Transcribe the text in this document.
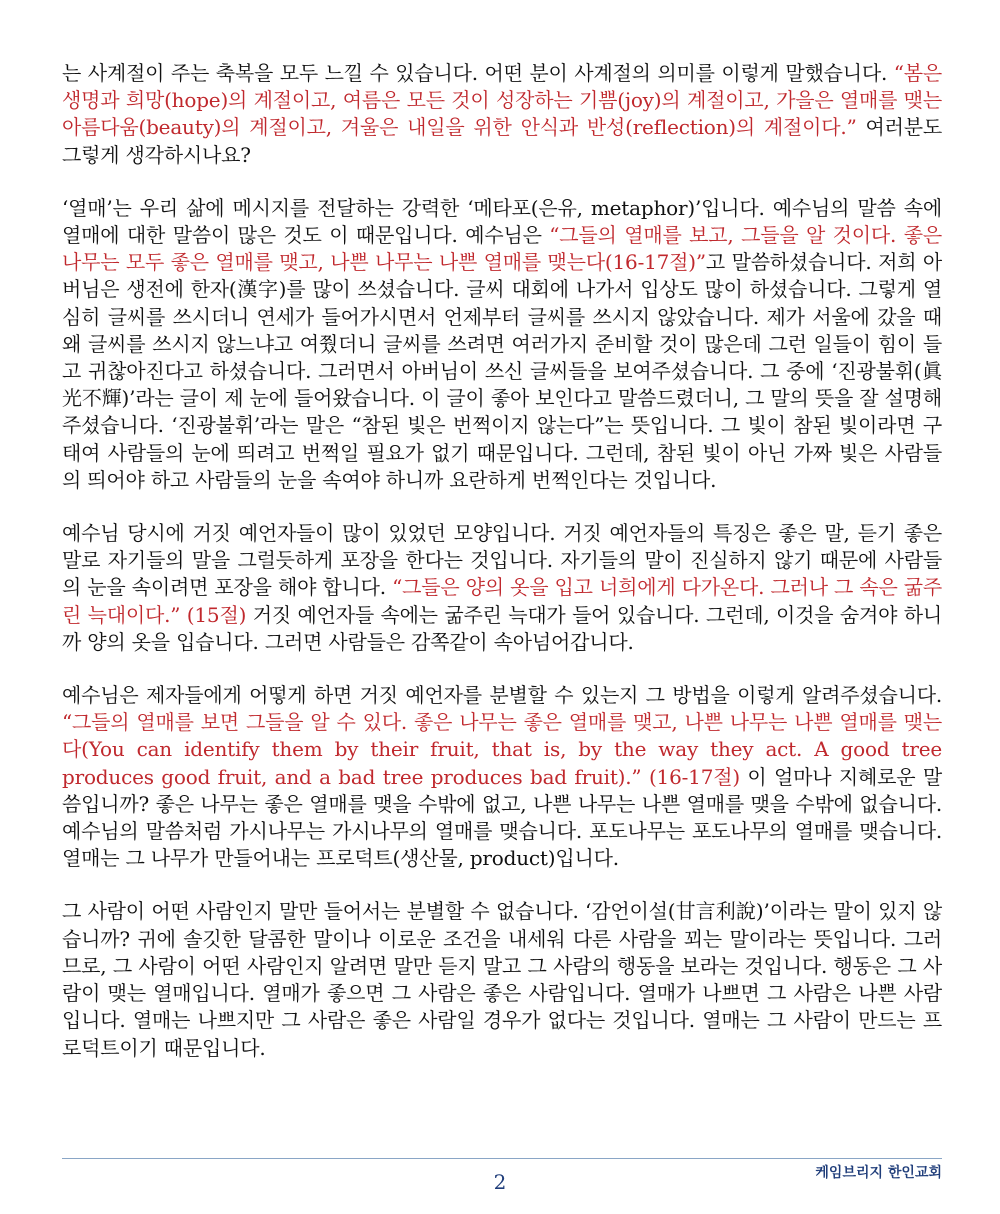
는 사계절이 주는 축복을 모두 느낄 수 있습니다. 어떤 분이 사계절의 의미를 이렇게 말했습니다. “봄은 생명과 희망(hope)의 계절이고, 여름은 모든 것이 성장하는 기쁨(joy)의 계절이고, 가을은 열매를 맺는 아름다움(beauty)의 계절이고, 겨울은 내일을 위한 안식과 반성(reflection)의 계절이다.” 여러분도 그렇게 생각하시나요?

‘열매’는 우리 삶에 메시지를 전달하는 강력한 ‘메타포(은유, metaphor)’입니다. 예수님의 말씀 속에 열매에 대한 말씀이 많은 것도 이 때문입니다. 예수님은 “그들의 열매를 보고, 그들을 알 것이다. 좋은 나무는 모두 좋은 열매를 맺고, 나쁜 나무는 나쁜 열매를 맺는다(16-17절)”고 말씀하셨습니다. 저희 아버님은 생전에 한자(漢字)를 많이 쓰셨습니다. 글씨 대회에 나가서 입상도 많이 하셨습니다. 그렇게 열심히 글씨를 쓰시더니 연세가 들어가시면서 언제부터 글씨를 쓰시지 않았습니다. 제가 서울에 갔을 때 왜 글씨를 쓰시지 않느냐고 여쭸더니 글씨를 쓰려면 여러가지 준비할 것이 많은데 그런 일들이 힘이 들고 귀찮아진다고 하셨습니다. 그러면서 아버님이 쓰신 글씨들을 보여주셨습니다. 그 중에 ‘진광불휘(眞光不輝)’라는 글이 제 눈에 들어왔습니다. 이 글이 좋아 보인다고 말씀드렸더니, 그 말의 뜻을 잘 설명해 주셨습니다. ‘진광불휘’라는 말은 “참된 빛은 번쩍이지 않는다”는 뜻입니다. 그 빛이 참된 빛이라면 구태여 사람들의 눈에 띄려고 번쩍일 필요가 없기 때문입니다. 그런데, 참된 빛이 아닌 가짜 빛은 사람들의 띄어야 하고 사람들의 눈을 속여야 하니까 요란하게 번쩍인다는 것입니다.

예수님 당시에 거짓 예언자들이 많이 있었던 모양입니다. 거짓 예언자들의 특징은 좋은 말, 듣기 좋은 말로 자기들의 말을 그럴듯하게 포장을 한다는 것입니다. 자기들의 말이 진실하지 않기 때문에 사람들의 눈을 속이려면 포장을 해야 합니다. “그들은 양의 옷을 입고 너희에게 다가온다. 그러나 그 속은 굶주린 늑대이다.” (15절) 거짓 예언자들 속에는 굶주린 늑대가 들어 있습니다. 그런데, 이것을 숨겨야 하니까 양의 옷을 입습니다. 그러면 사람들은 감쪽같이 속아넘어갑니다.

예수님은 제자들에게 어떻게 하면 거짓 예언자를 분별할 수 있는지 그 방법을 이렇게 알려주셨습니다. “그들의 열매를 보면 그들을 알 수 있다. 좋은 나무는 좋은 열매를 맺고, 나쁜 나무는 나쁜 열매를 맺는다(You can identify them by their fruit, that is, by the way they act. A good tree produces good fruit, and a bad tree produces bad fruit).” (16-17절) 이 얼마나 지혜로운 말씀입니까? 좋은 나무는 좋은 열매를 맺을 수밖에 없고, 나쁜 나무는 나쁜 열매를 맺을 수밖에 없습니다. 예수님의 말씀처럼 가시나무는 가시나무의 열매를 맺습니다. 포도나무는 포도나무의 열매를 맺습니다. 열매는 그 나무가 만들어내는 프로덕트(생산물, product)입니다.

그 사람이 어떤 사람인지 말만 들어서는 분별할 수 없습니다. ‘감언이설(甘言利說)’이라는 말이 있지 않습니까? 귀에 솔깃한 달콤한 말이나 이로운 조건을 내세워 다른 사람을 꾀는 말이라는 뜻입니다. 그러므로, 그 사람이 어떤 사람인지 알려면 말만 듣지 말고 그 사람의 행동을 보라는 것입니다. 행동은 그 사람이 맺는 열매입니다. 열매가 좋으면 그 사람은 좋은 사람입니다. 열매가 나쁘면 그 사람은 나쁜 사람입니다. 열매는 나쁘지만 그 사람은 좋은 사람일 경우가 없다는 것입니다. 열매는 그 사람이 만드는 프로덕트이기 때문입니다.

2	케임브리지 한인교회
